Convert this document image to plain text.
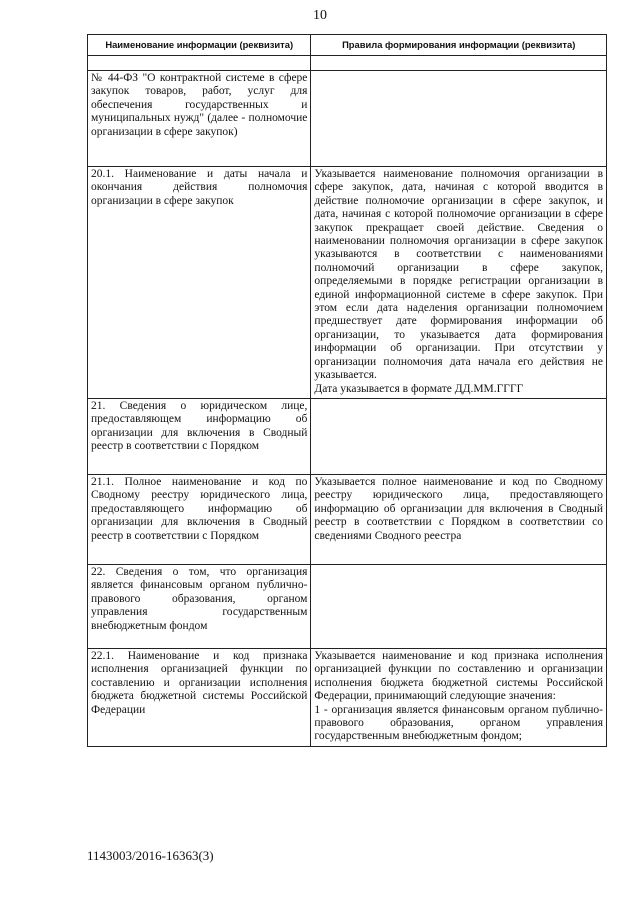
10
Наименование информации (реквизита)	Правила формирования информации (реквизита)

№ 44-ФЗ "О контрактной системе в сфере закупок товаров, работ, услуг для обеспечения государственных и муниципальных нужд" (далее - полномочие организации в сфере закупок)	
20.1. Наименование и даты начала и окончания действия полномочия организации в сфере закупок	Указывается наименование полномочия организации в сфере закупок, дата, начиная с которой вводится в действие полномочие организации в сфере закупок, и дата, начиная с которой полномочие организации в сфере закупок прекращает своей действие. Сведения о наименовании полномочия организации в сфере закупок указываются в соответствии с наименованиями полномочий организации в сфере закупок, определяемыми в порядке регистрации организации в единой информационной системе в сфере закупок. При этом если дата наделения организации полномочием предшествует дате формирования информации об организации, то указывается дата формирования информации об организации. При отсутствии у организации полномочия дата начала его действия не указывается.
Дата указывается в формате ДД.ММ.ГГГГ

21. Сведения о юридическом лице, предоставляющем информацию об организации для включения в Сводный реестр в соответствии с Порядком	
21.1. Полное наименование и код по Сводному реестру юридического лица, предоставляющего информацию об организации для включения в Сводный реестр в соответствии с Порядком	Указывается полное наименование и код по Сводному реестру юридического лица, предоставляющего информацию об организации для включения в Сводный реестр в соответствии с Порядком в соответствии со сведениями Сводного реестра

22. Сведения о том, что организация является финансовым органом публично-правового образования, органом управления государственным внебюджетным фондом	
22.1. Наименование и код признака исполнения организацией функции по составлению и организации исполнения бюджета бюджетной системы Российской Федерации	Указывается наименование и код признака исполнения организацией функции по составлению и организации исполнения бюджета бюджетной системы Российской Федерации, принимающий следующие значения:
1 - организация является финансовым органом публично-правового образования, органом управления государственным внебюджетным фондом;
1143003/2016-16363(3)
